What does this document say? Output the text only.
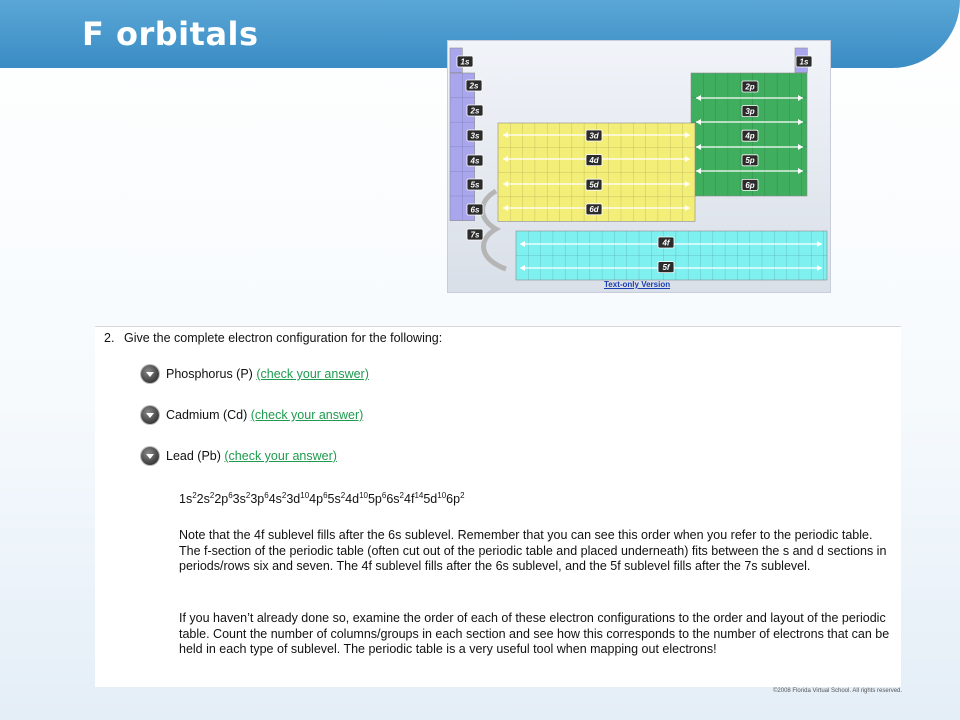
F orbitals
1s	1s
2s
3s
4s
5s
6s
7s
2s	2p
3p
4p
5p
6p
3d
4d
5d
6d
4f
5f
Text-only Version
2. Give the complete electron configuration for the following:
Phosphorus (P) (check your answer)
Cadmium (Cd) (check your answer)
Lead (Pb) (check your answer)
$1s^22s^22p^63s^23p^64s^23d^{10}4p^65s^24d^{10}5p^66s^24f^{14}5d^{10}6p^2$

Note that the 4f sublevel fills after the 6s sublevel. Remember that you can see this order when you refer to the periodic table. The f-section of the periodic table (often cut out of the periodic table and placed underneath) fits between the s and d sections in periods/rows six and seven. The 4f sublevel fills after the 6s sublevel, and the 5f sublevel fills after the 7s sublevel.

If you haven’t already done so, examine the order of each of these electron configurations to the order and layout of the periodic table. Count the number of columns/groups in each section and see how this corresponds to the number of electrons that can be held in each type of sublevel. The periodic table is a very useful tool when mapping out electrons!

©2008 Florida Virtual School. All rights reserved.
